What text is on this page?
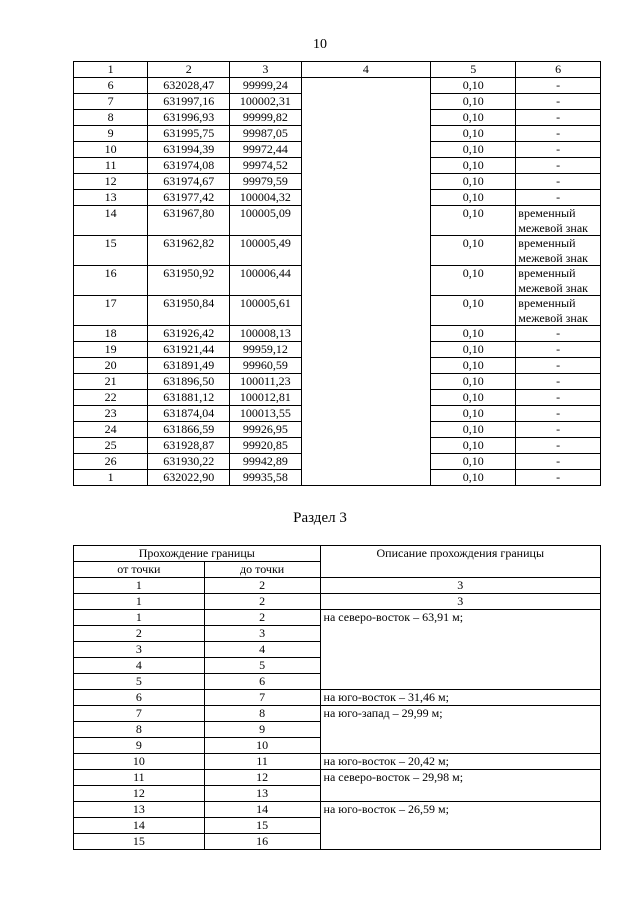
10
1	2	3	4	5	6
6	632028,47	99999,24		0,10	-
7	631997,16	100002,31		0,10	-
8	631996,93	99999,82		0,10	-
9	631995,75	99987,05		0,10	-
10	631994,39	99972,44		0,10	-
11	631974,08	99974,52		0,10	-
12	631974,67	99979,59		0,10	-
13	631977,42	100004,32		0,10	-
14	631967,80	100005,09		0,10	временный межевой знак
15	631962,82	100005,49		0,10	временный межевой знак
16	631950,92	100006,44		0,10	временный межевой знак
17	631950,84	100005,61		0,10	временный межевой знак
18	631926,42	100008,13		0,10	-
19	631921,44	99959,12		0,10	-
20	631891,49	99960,59		0,10	-
21	631896,50	100011,23		0,10	-
22	631881,12	100012,81		0,10	-
23	631874,04	100013,55		0,10	-
24	631866,59	99926,95		0,10	-
25	631928,87	99920,85		0,10	-
26	631930,22	99942,89		0,10	-
1	632022,90	99935,58		0,10	-
Раздел 3
Прохождение границы		Описание прохождения границы
от точки	до точки	
1	2	3
1	2	3
1	2	на северо-восток – 63,91 м;
2	3	
3	4	
4	5	
5	6	
6	7	на юго-восток – 31,46 м;
7	8	на юго-запад – 29,99 м;
8	9	
9	10	
10	11	на юго-восток – 20,42 м;
11	12	на северо-восток – 29,98 м;
12	13	
13	14	на юго-восток – 26,59 м;
14	15	
15	16	
